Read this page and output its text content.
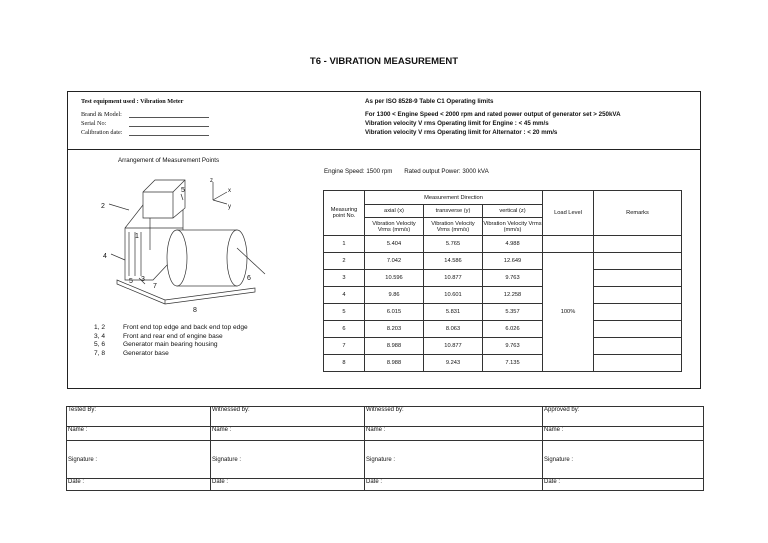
T6 - VIBRATION MEASUREMENT
Test equipment used : Vibration Meter
Brand & Model:
Serial No:
Calibration date:
As per ISO 8528-9 Table C1 Operating limits
For 1300 < Engine Speed < 2000 rpm and rated power output of generator set > 250kVA
Vibration velocity V rms Operating limit for Engine : < 45 mm/s
Vibration velocity V rms Operating limit for Alternator : < 20 mm/s
Arrangement of Measurement Points
Engine Speed: 1500 rpm Rated output Power: 3000 kVA
1
2
3
4
5
5	6
7
8
z
x
y
1, 2	Front end top edge and back end top edge
3, 4	Front and rear end of engine base
5, 6	Generator main bearing housing
7, 8	Generator base
Measuring point No.	Measurement Direction			Load Level	Remarks
	axial (x)	transverse (y)	vertical (z)		
	Vibration Velocity Vrms (mm/s)	Vibration Velocity Vrms (mm/s)	Vibration Velocity Vrms (mm/s)		
1	5.404	5.765	4.988		
2	7.042	14.586	12.649	100%	
3	10.596	10.877	9.763		
4	9.86	10.601	12.258		
5	6.015	5.831	5.357		
6	8.203	8.063	6.026		
7	8.988	10.877	9.763		
8	8.988	9.243	7.135		
Tested By:	Witnessed by:	Witnessed by:	Approved by:
Name :	Name :	Name :	Name :
Signature :	Signature :	Signature :	Signature :
Date :	Date :	Date :	Date :
